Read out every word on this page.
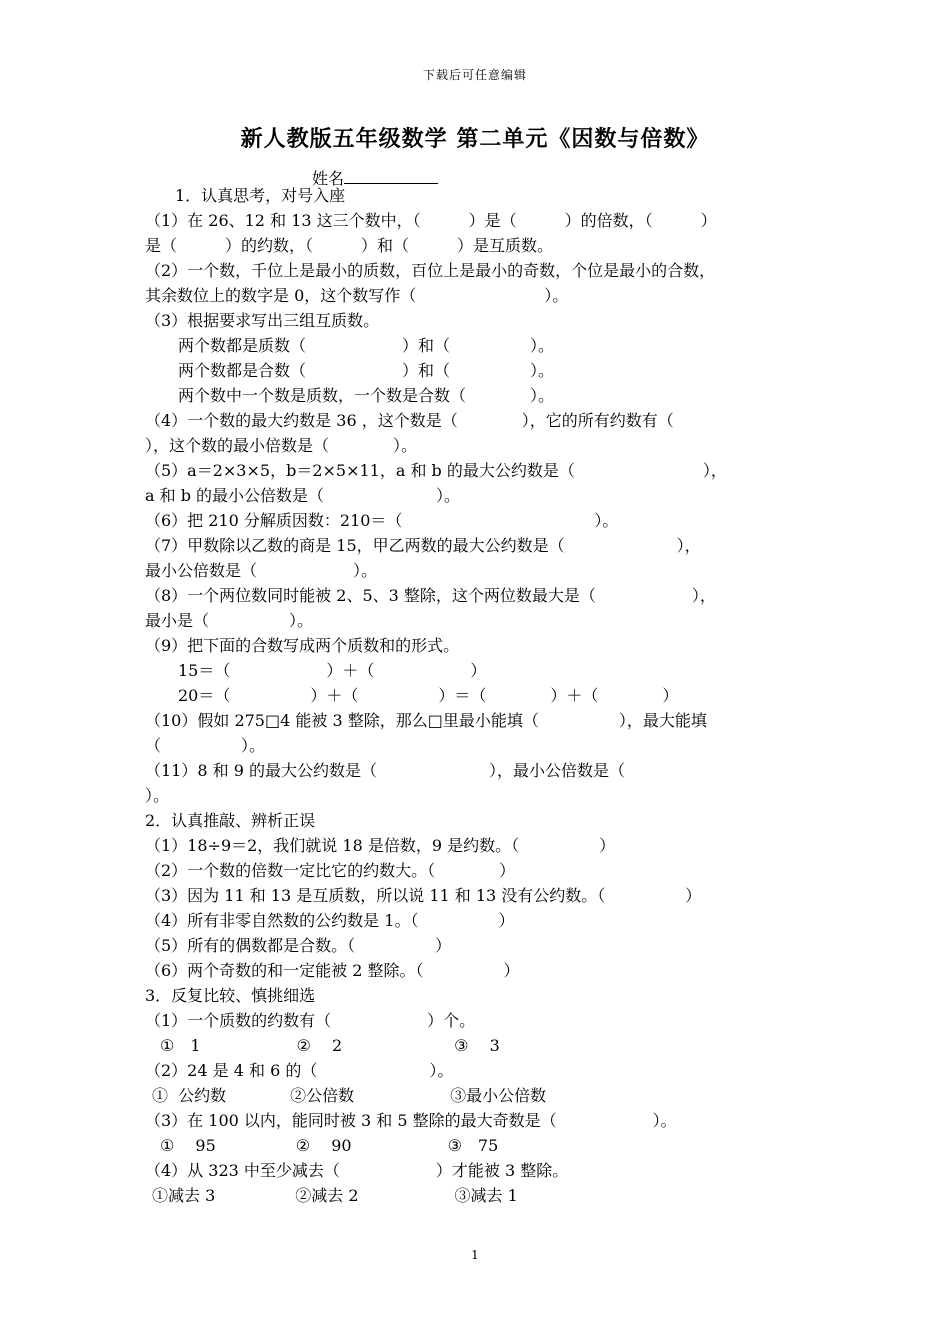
下载后可任意编辑
新人教版五年级数学 第二单元《因数与倍数》
姓名
1．认真思考，对号入座
（1）在 26、12 和 13 这三个数中，（　　　）是（　　　）的倍数，（　　　）
是（　　　）的约数，（　　　）和（　　　）是互质数。
（2）一个数，千位上是最小的质数，百位上是最小的奇数，个位是最小的合数，
其余数位上的数字是 0，这个数写作（　　　　　　　　）。
（3）根据要求写出三组互质数。
两个数都是质数（　　　　　　）和（　　　　　）。
两个数都是合数（　　　　　　）和（　　　　　）。
两个数中一个数是质数，一个数是合数（　　　　）。
（4）一个数的最大约数是 36 ，这个数是（　　　　），它的所有约数有（
），这个数的最小倍数是（　　　　）。
（5）a＝2×3×5，b＝2×5×11，a 和 b 的最大公约数是（　　　　　　　　），
a 和 b 的最小公倍数是（　　　　　　　）。
（6）把 210 分解质因数：210＝（　　　　　　　　　　　　）。
（7）甲数除以乙数的商是 15，甲乙两数的最大公约数是（　　　　　　　），
最小公倍数是（　　　　　　）。
（8）一个两位数同时能被 2、5、3 整除，这个两位数最大是（　　　　　　），
最小是（　　　　　）。
（9）把下面的合数写成两个质数和的形式。
15＝（　　　　　　）＋（　　　　　　）
20＝（　　　　　）＋（　　　　　）＝（　　　　）＋（　　　　）
（10）假如 275□4 能被 3 整除，那么□里最小能填（　　　　　），最大能填
（　　　　　）。
（11）8 和 9 的最大公约数是（　　　　　　　），最小公倍数是（
）。
2．认真推敲、辨析正误
（1）18÷9＝2，我们就说 18 是倍数，9 是约数。（　　　　　）
（2）一个数的倍数一定比它的约数大。（　　　　）
（3）因为 11 和 13 是互质数，所以说 11 和 13 没有公约数。（　　　　　）
（4）所有非零自然数的公约数是 1。（　　　　　）
（5）所有的偶数都是合数。（　　　　　）
（6）两个奇数的和一定能被 2 整除。（　　　　　）
3．反复比较、慎挑细选
（1）一个质数的约数有（　　　　　　）个。
①　1　　　　　　②　 2　　　　　　　③　 3
（2）24 是 4 和 6 的（　　　　　　　）。
①  公约数　　　　②公倍数　　　　　　③最小公倍数
（3）在 100 以内，能同时被 3 和 5 整除的最大奇数是（　　　　　　）。
①　 95　　　　　②　 90　　　　　　③　75
（4）从 323 中至少减去（　　　　　　）才能被 3 整除。
①减去 3　　　　　②减去 2　　　　　　③减去 1
1
